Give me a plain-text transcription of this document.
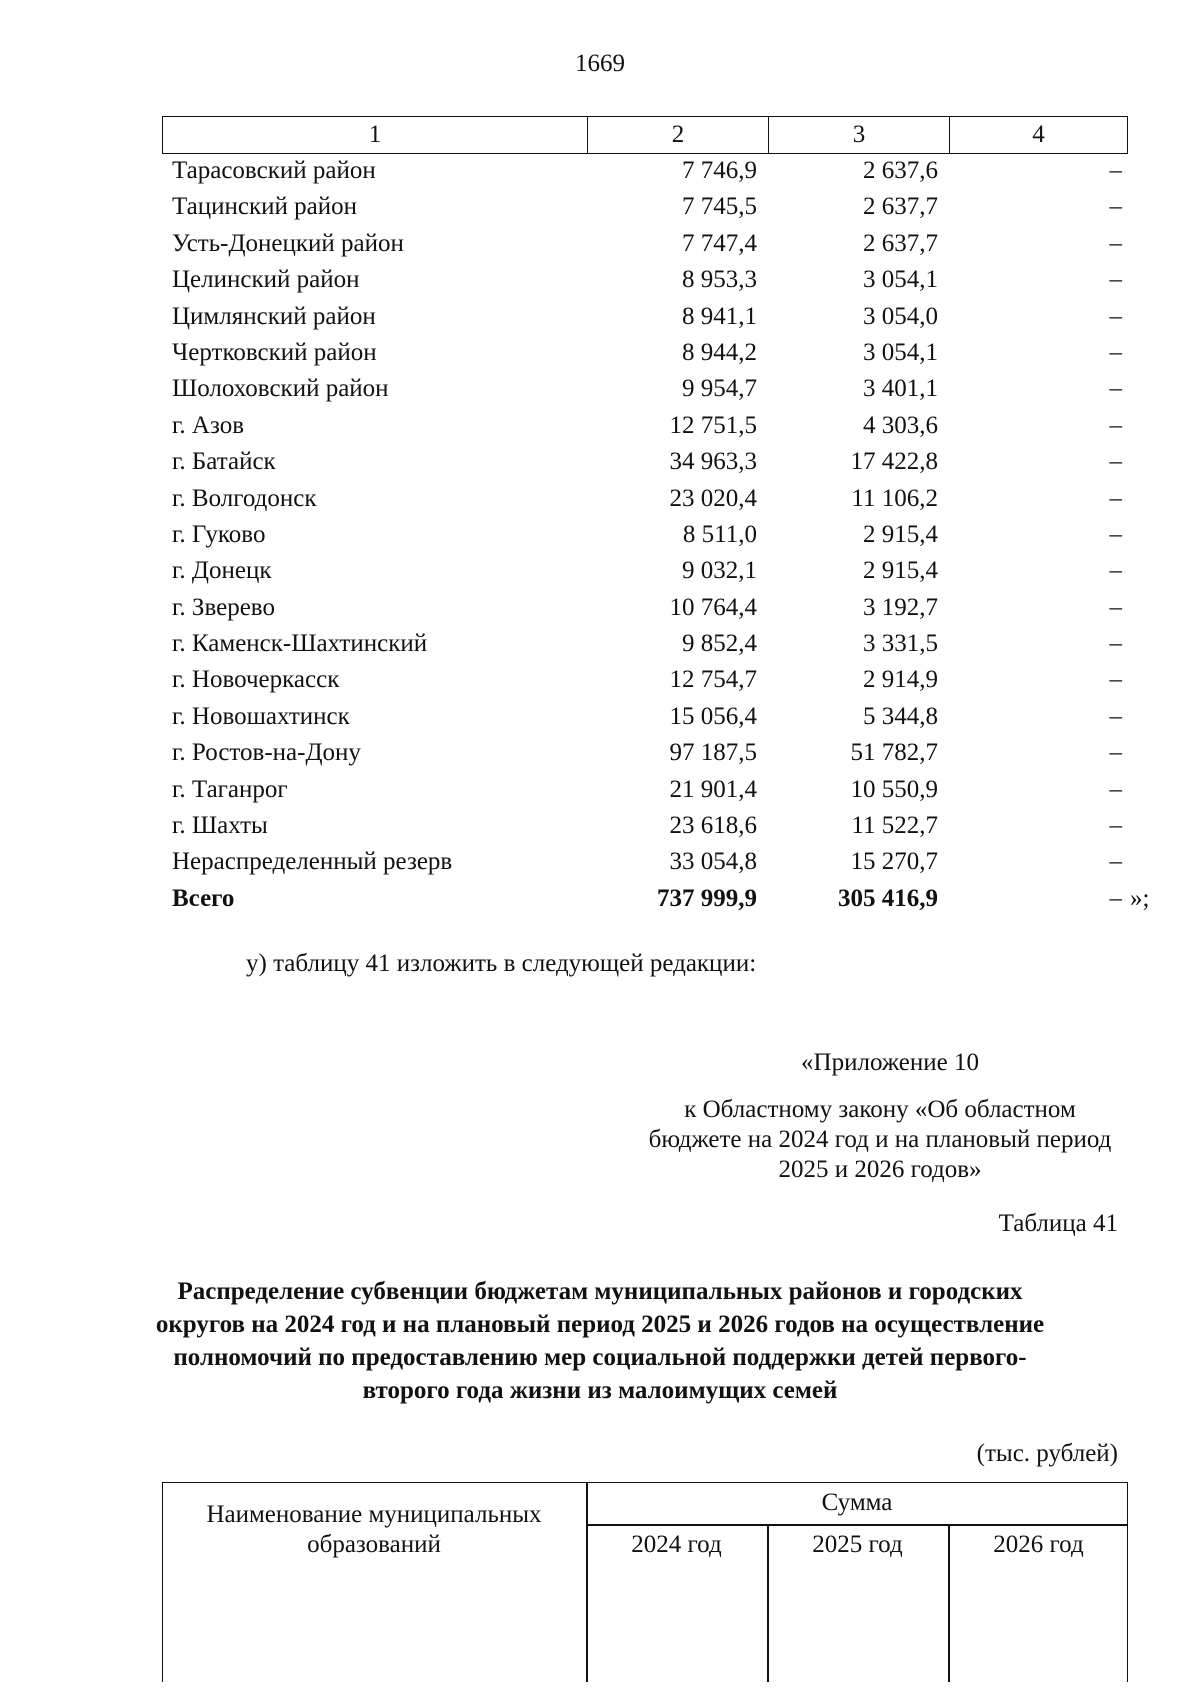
1669
1	2	3	4
Тарасовский район	7 746,9	2 637,6	–
Тацинский район	7 745,5	2 637,7	–
Усть-Донецкий район	7 747,4	2 637,7	–
Целинский район	8 953,3	3 054,1	–
Цимлянский район	8 941,1	3 054,0	–
Чертковский район	8 944,2	3 054,1	–
Шолоховский район	9 954,7	3 401,1	–
г. Азов	12 751,5	4 303,6	–
г. Батайск	34 963,3	17 422,8	–
г. Волгодонск	23 020,4	11 106,2	–
г. Гуково	8 511,0	2 915,4	–
г. Донецк	9 032,1	2 915,4	–
г. Зверево	10 764,4	3 192,7	–
г. Каменск-Шахтинский	9 852,4	3 331,5	–
г. Новочеркасск	12 754,7	2 914,9	–
г. Новошахтинск	15 056,4	5 344,8	–
г. Ростов-на-Дону	97 187,5	51 782,7	–
г. Таганрог	21 901,4	10 550,9	–
г. Шахты	23 618,6	11 522,7	–
Нераспределенный резерв	33 054,8	15 270,7	–
Всего	737 999,9	305 416,9	– »;
у) таблицу 41 изложить в следующей редакции:
«Приложение 10
к Областному закону «Об областном бюджете на 2024 год и на плановый период 2025 и 2026 годов»
Таблица 41
Распределение субвенции бюджетам муниципальных районов и городских округов на 2024 год и на плановый период 2025 и 2026 годов на осуществление полномочий по предоставлению мер социальной поддержки детей первого-второго года жизни из малоимущих семей
(тыс. рублей)
Наименование муниципальных образований
Сумма
2024 год	2025 год	2026 год
